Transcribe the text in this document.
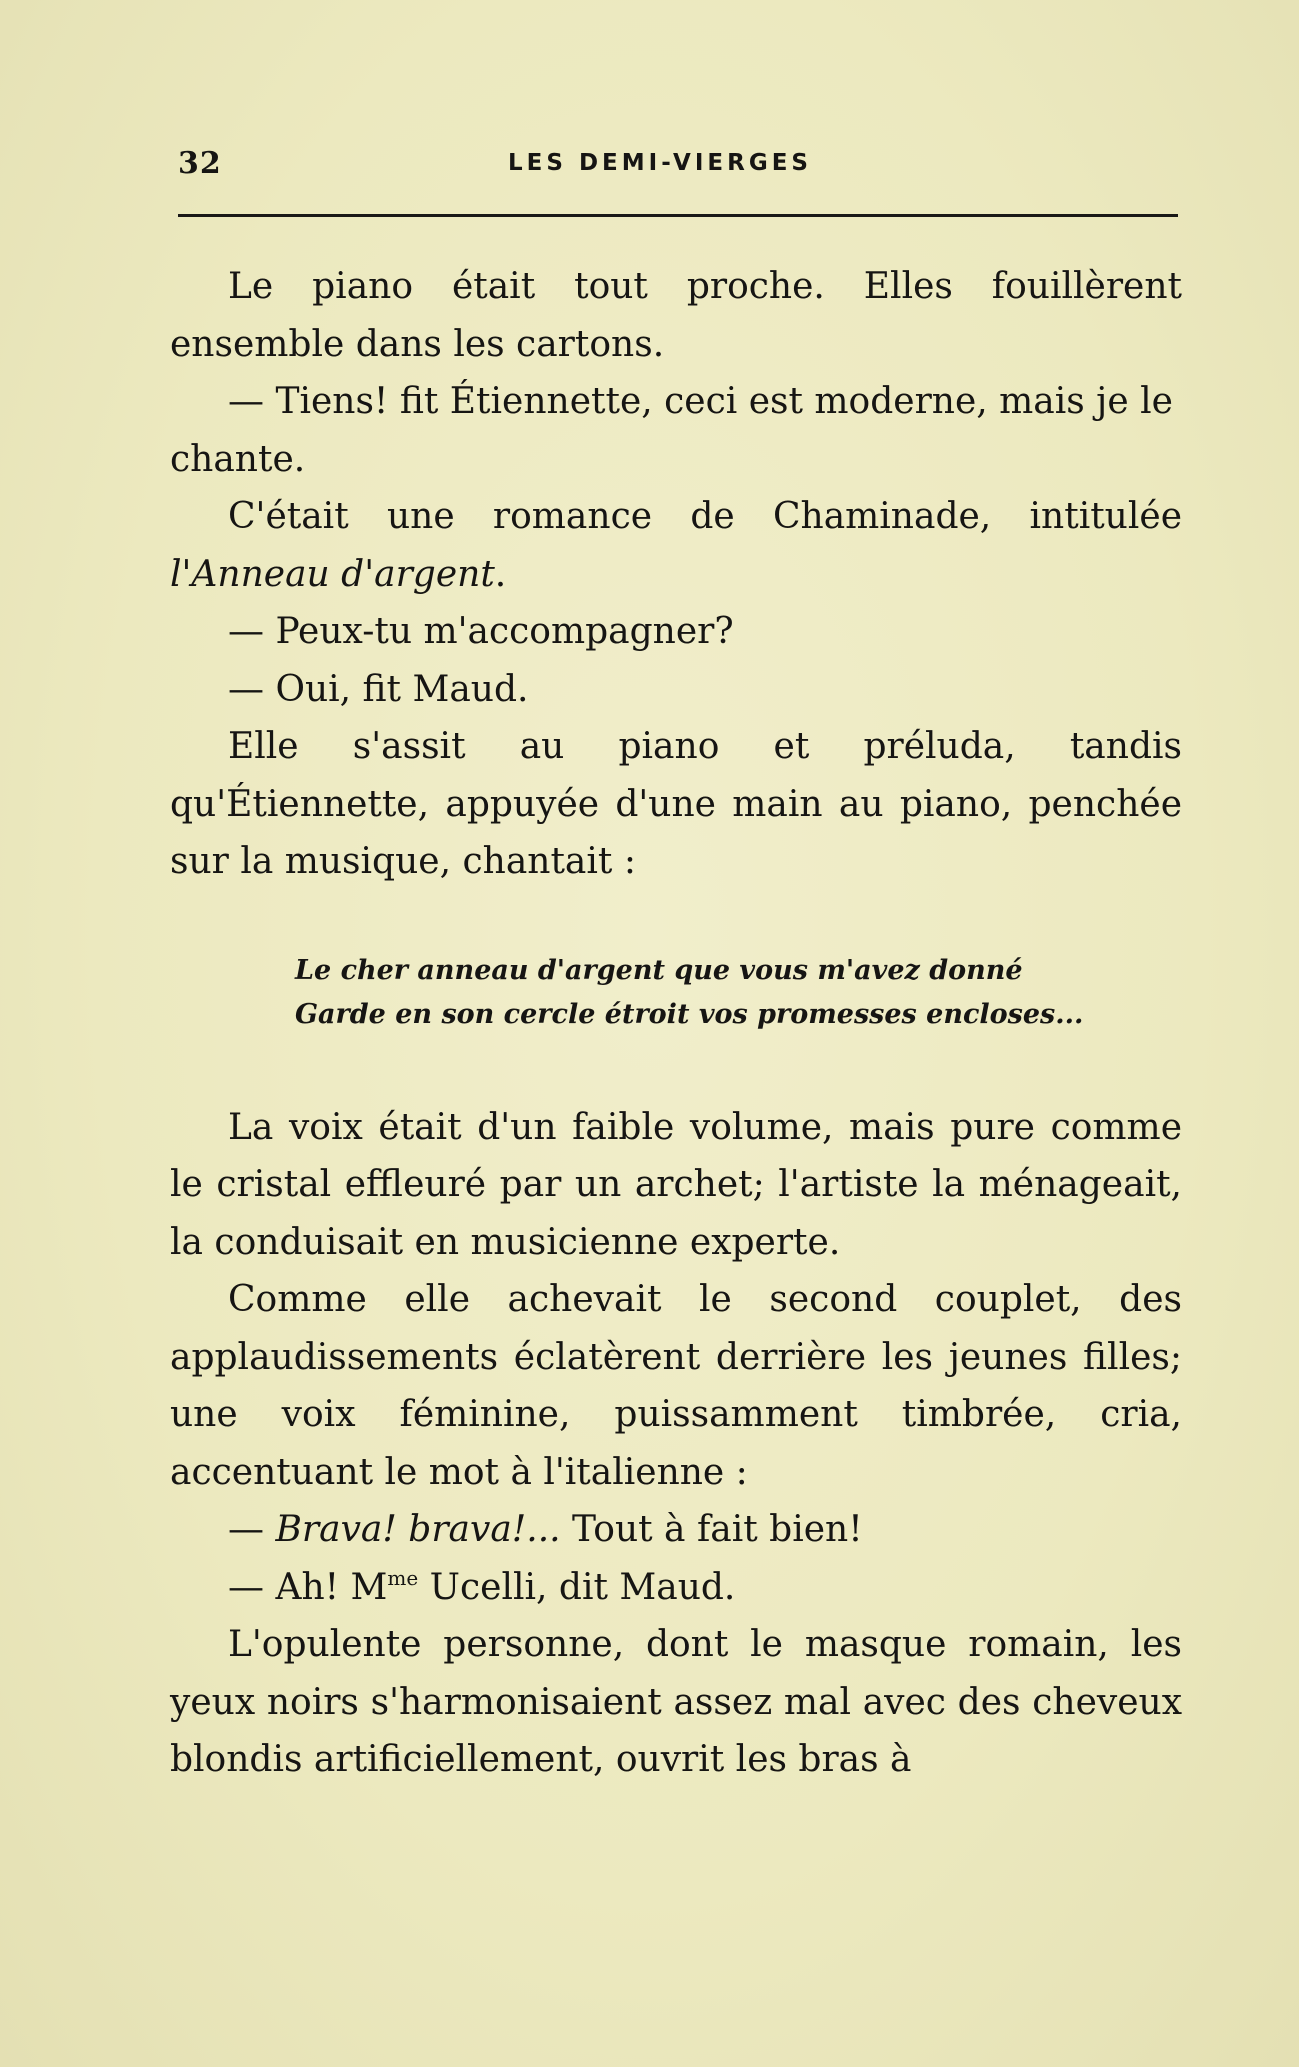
32	LES DEMI-VIERGES

Le piano était tout proche. Elles fouillèrent ensemble dans les cartons.

— Tiens! fit Étiennette, ceci est moderne, mais je le chante.

C'était une romance de Chaminade, intitulée l'Anneau d'argent.

— Peux-tu m'accompagner?

— Oui, fit Maud.

Elle s'assit au piano et préluda, tandis qu'Étiennette, appuyée d'une main au piano, penchée sur la musique, chantait :

Le cher anneau d'argent que vous m'avez donné
Garde en son cercle étroit vos promesses encloses...

La voix était d'un faible volume, mais pure comme le cristal effleuré par un archet; l'artiste la ménageait, la conduisait en musicienne experte.

Comme elle achevait le second couplet, des applaudissements éclatèrent derrière les jeunes filles; une voix féminine, puissamment timbrée, cria, accentuant le mot à l'italienne :

— Brava! brava!... Tout à fait bien!

— Ah! $M^{me}$ Ucelli, dit Maud.

L'opulente personne, dont le masque romain, les yeux noirs s'harmonisaient assez mal avec des cheveux blondis artificiellement, ouvrit les bras à
